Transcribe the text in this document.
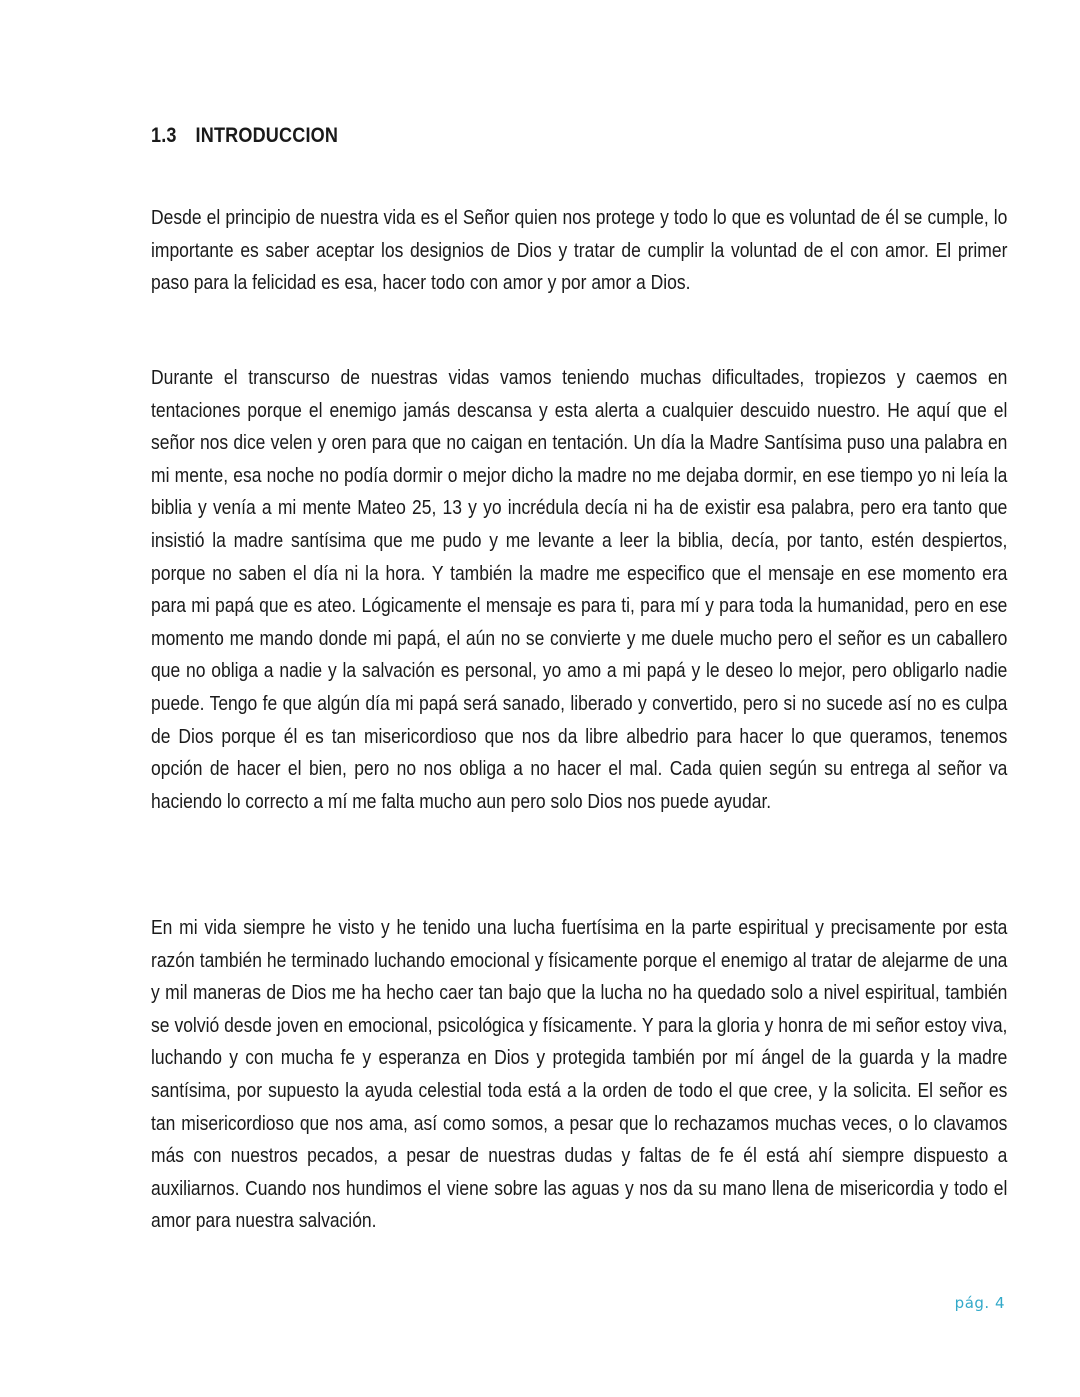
1.3 INTRODUCCION

Desde el principio de nuestra vida es el Señor quien nos protege y todo lo que es voluntad de él se cumple, lo importante es saber aceptar los designios de Dios y tratar de cumplir la voluntad de el con amor. El primer paso para la felicidad es esa, hacer todo con amor y por amor a Dios.

Durante el transcurso de nuestras vidas vamos teniendo muchas dificultades, tropiezos y caemos en tentaciones porque el enemigo jamás descansa y esta alerta a cualquier descuido nuestro. He aquí que el señor nos dice velen y oren para que no caigan en tentación. Un día la Madre Santísima puso una palabra en mi mente, esa noche no podía dormir o mejor dicho la madre no me dejaba dormir, en ese tiempo yo ni leía la biblia y venía a mi mente Mateo 25, 13 y yo incrédula decía ni ha de existir esa palabra, pero era tanto que insistió la madre santísima que me pudo y me levante a leer la biblia, decía, por tanto, estén despiertos, porque no saben el día ni la hora. Y también la madre me especifico que el mensaje en ese momento era para mi papá que es ateo. Lógicamente el mensaje es para ti, para mí y para toda la humanidad, pero en ese momento me mando donde mi papá, el aún no se convierte y me duele mucho pero el señor es un caballero que no obliga a nadie y la salvación es personal, yo amo a mi papá y le deseo lo mejor, pero obligarlo nadie puede. Tengo fe que algún día mi papá será sanado, liberado y convertido, pero si no sucede así no es culpa de Dios porque él es tan misericordioso que nos da libre albedrio para hacer lo que queramos, tenemos opción de hacer el bien, pero no nos obliga a no hacer el mal. Cada quien según su entrega al señor va haciendo lo correcto a mí me falta mucho aun pero solo Dios nos puede ayudar.

En mi vida siempre he visto y he tenido una lucha fuertísima en la parte espiritual y precisamente por esta razón también he terminado luchando emocional y físicamente porque el enemigo al tratar de alejarme de una y mil maneras de Dios me ha hecho caer tan bajo que la lucha no ha quedado solo a nivel espiritual, también se volvió desde joven en emocional, psicológica y físicamente. Y para la gloria y honra de mi señor estoy viva, luchando y con mucha fe y esperanza en Dios y protegida también por mí ángel de la guarda y la madre santísima, por supuesto la ayuda celestial toda está a la orden de todo el que cree, y la solicita. El señor es tan misericordioso que nos ama, así como somos, a pesar que lo rechazamos muchas veces, o lo clavamos más con nuestros pecados, a pesar de nuestras dudas y faltas de fe él está ahí siempre dispuesto a auxiliarnos. Cuando nos hundimos el viene sobre las aguas y nos da su mano llena de misericordia y todo el amor para nuestra salvación.

pág. 4
